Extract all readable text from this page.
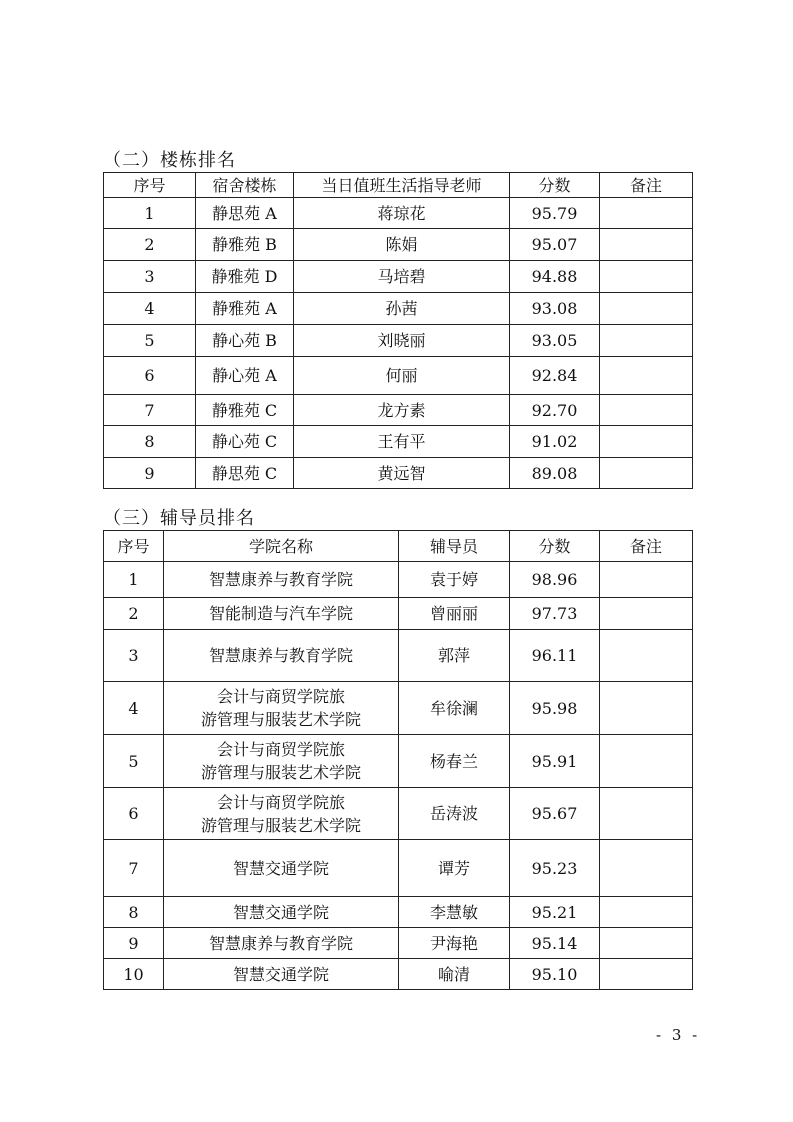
（二）楼栋排名
序号	宿舍楼栋	当日值班生活指导老师	分数	备注
1	静思苑 A	蒋琼花	95.79	
2	静雅苑 B	陈娟	95.07	
3	静雅苑 D	马培碧	94.88	
4	静雅苑 A	孙茜	93.08	
5	静心苑 B	刘晓丽	93.05	
6	静心苑 A	何丽	92.84	
7	静雅苑 C	龙方素	92.70	
8	静心苑 C	王有平	91.02	
9	静思苑 C	黄远智	89.08	
（三）辅导员排名
序号	学院名称	辅导员	分数	备注
1	智慧康养与教育学院	袁于婷	98.96	
2	智能制造与汽车学院	曾丽丽	97.73	
3	智慧康养与教育学院	郭萍	96.11	
4	会计与商贸学院旅
游管理与服装艺术学院	牟徐澜	95.98	
5	会计与商贸学院旅
游管理与服装艺术学院	杨春兰	95.91	
6	会计与商贸学院旅
游管理与服装艺术学院	岳涛波	95.67	
7	智慧交通学院	谭芳	95.23	
8	智慧交通学院	李慧敏	95.21	
9	智慧康养与教育学院	尹海艳	95.14	
10	智慧交通学院	喻清	95.10	
- 3 -
